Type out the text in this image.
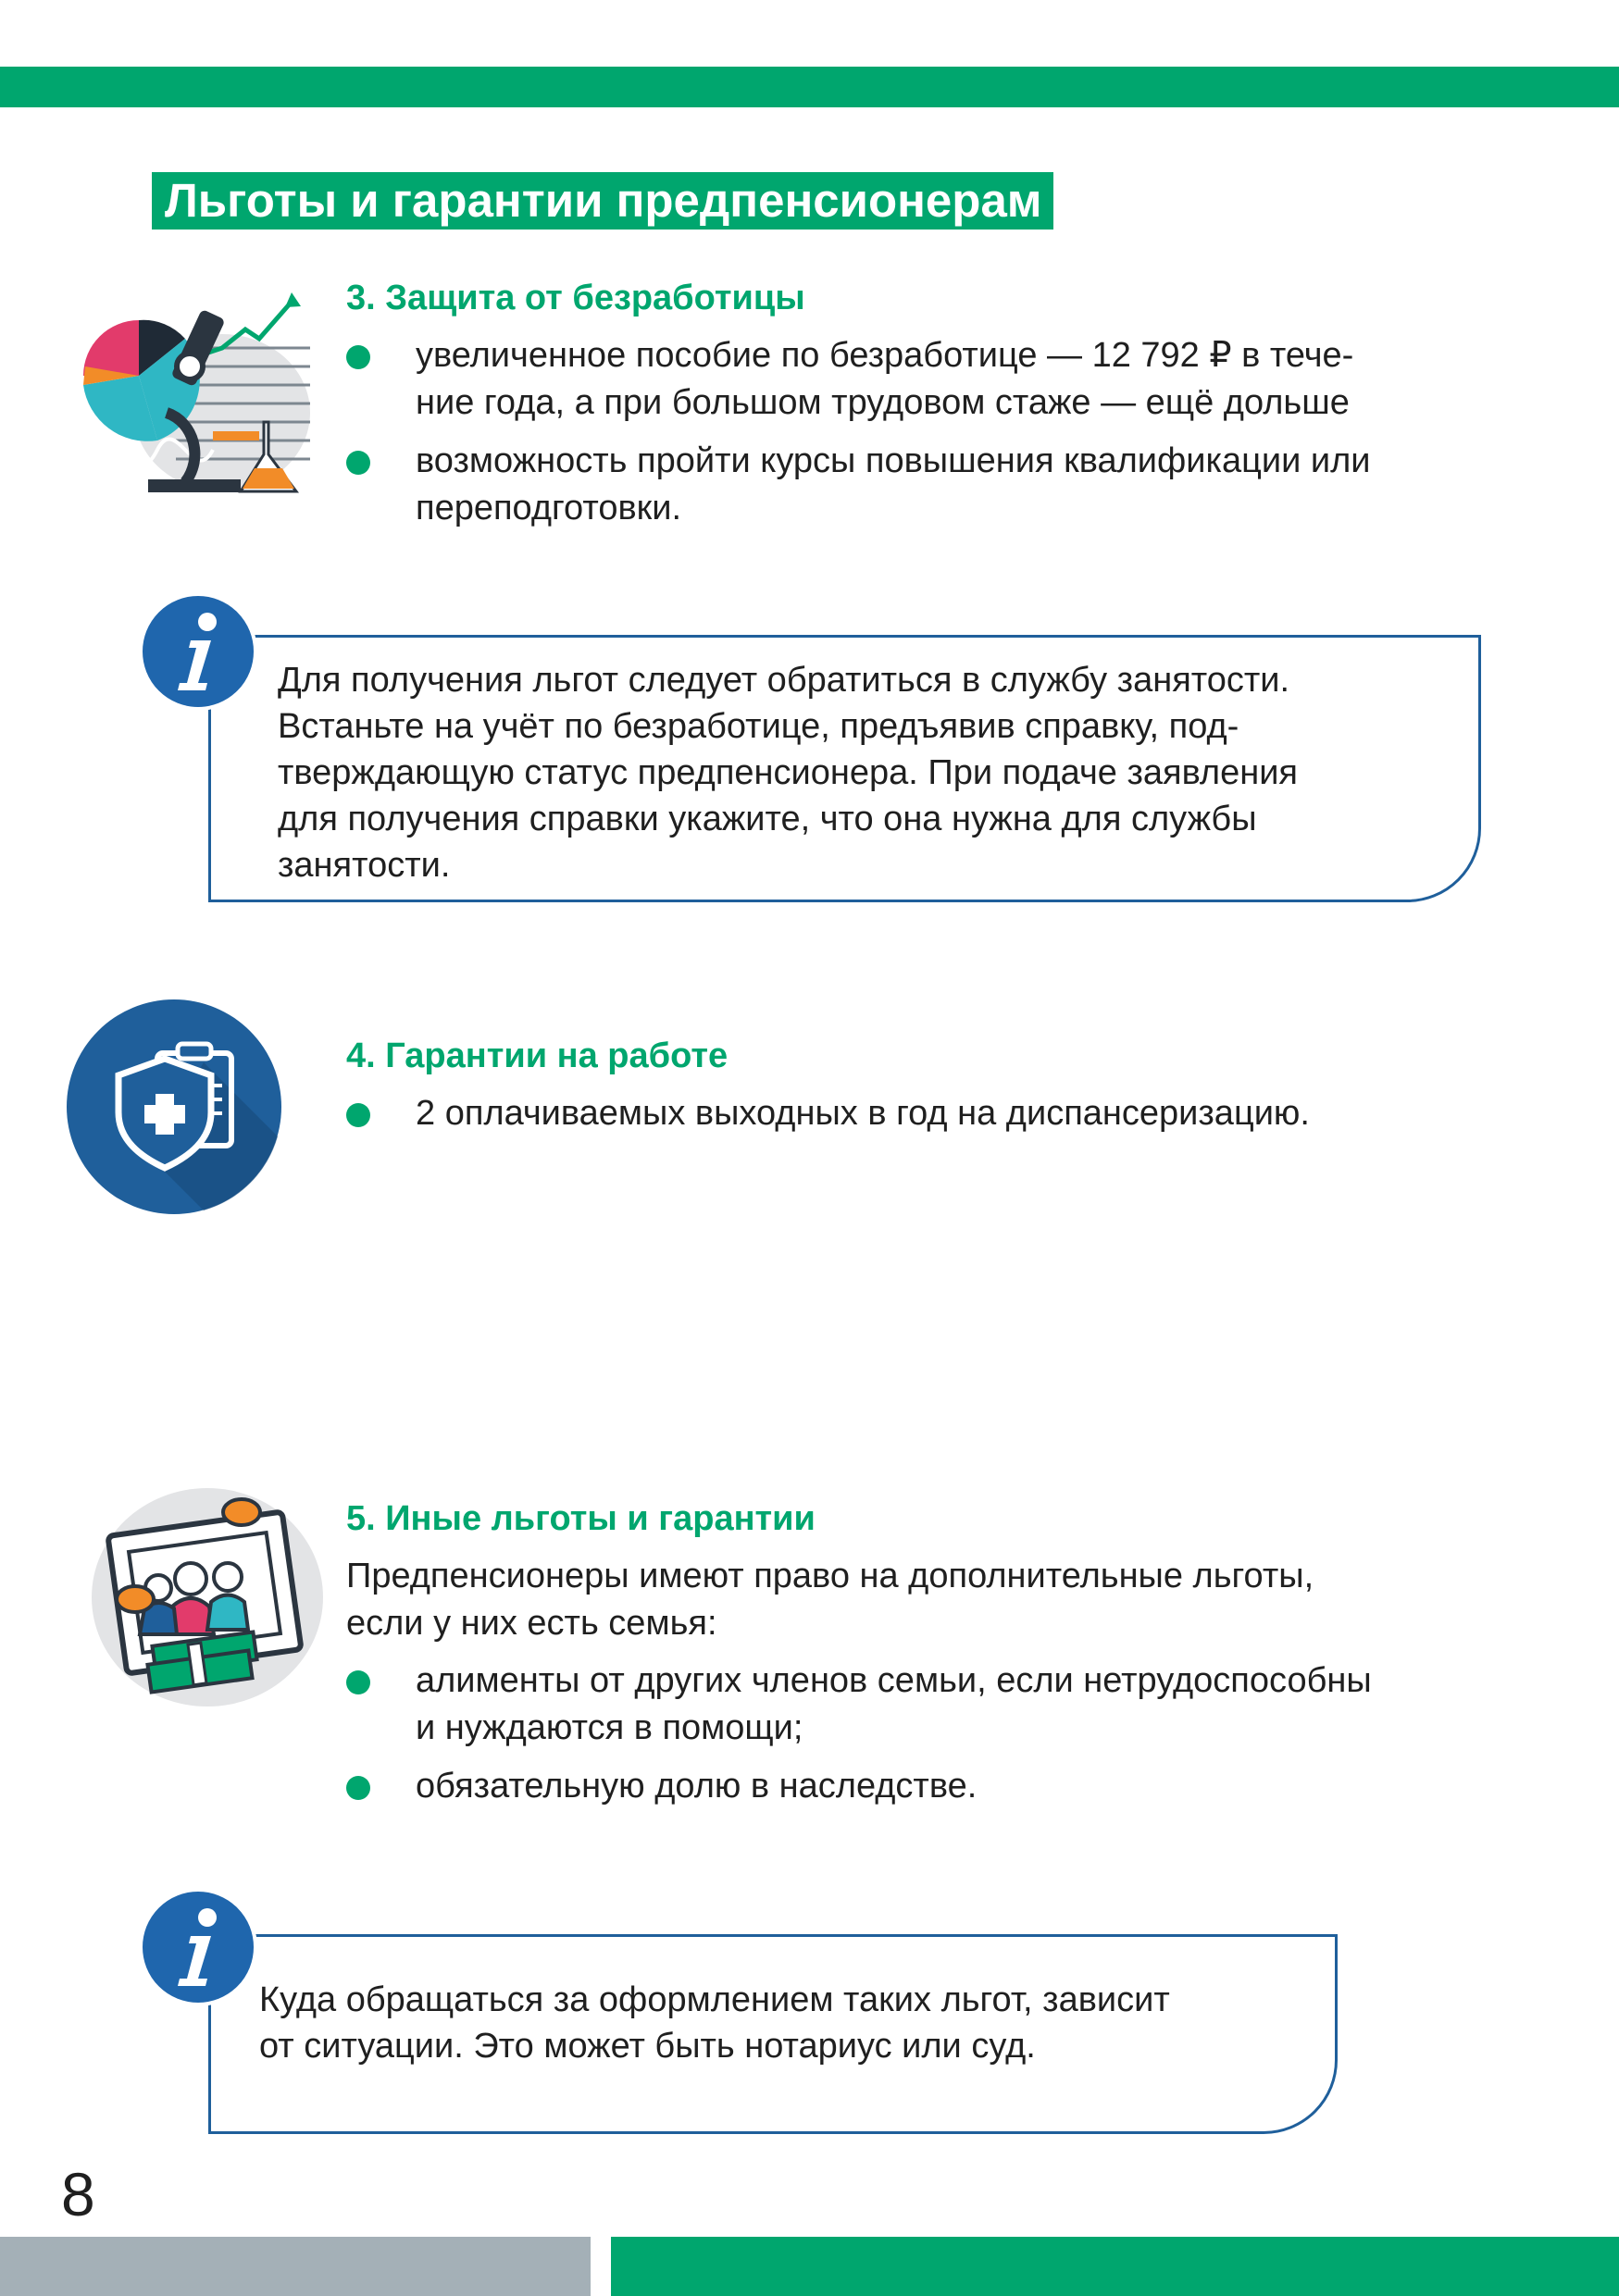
Льготы и гарантии предпенсионерам
3. Защита от безработицы
увеличенное пособие по безработице — 12 792 ₽ в тече-
ние года, а при большом трудовом стаже — ещё дольше
возможность пройти курсы повышения квалификации или
переподготовки.
Для получения льгот следует обратиться в службу занятости.
Встаньте на учёт по безработице, предъявив справку, под-
тверждающую статус предпенсионера. При подаче заявления
для получения справки укажите, что она нужна для службы
занятости.
4. Гарантии на работе
2 оплачиваемых выходных в год на диспансеризацию.
5. Иные льготы и гарантии
Предпенсионеры имеют право на дополнительные льготы,
если у них есть семья:
алименты от других членов семьи, если нетрудоспособны
и нуждаются в помощи;
обязательную долю в наследстве.
Куда обращаться за оформлением таких льгот, зависит
от ситуации. Это может быть нотариус или суд.
8
